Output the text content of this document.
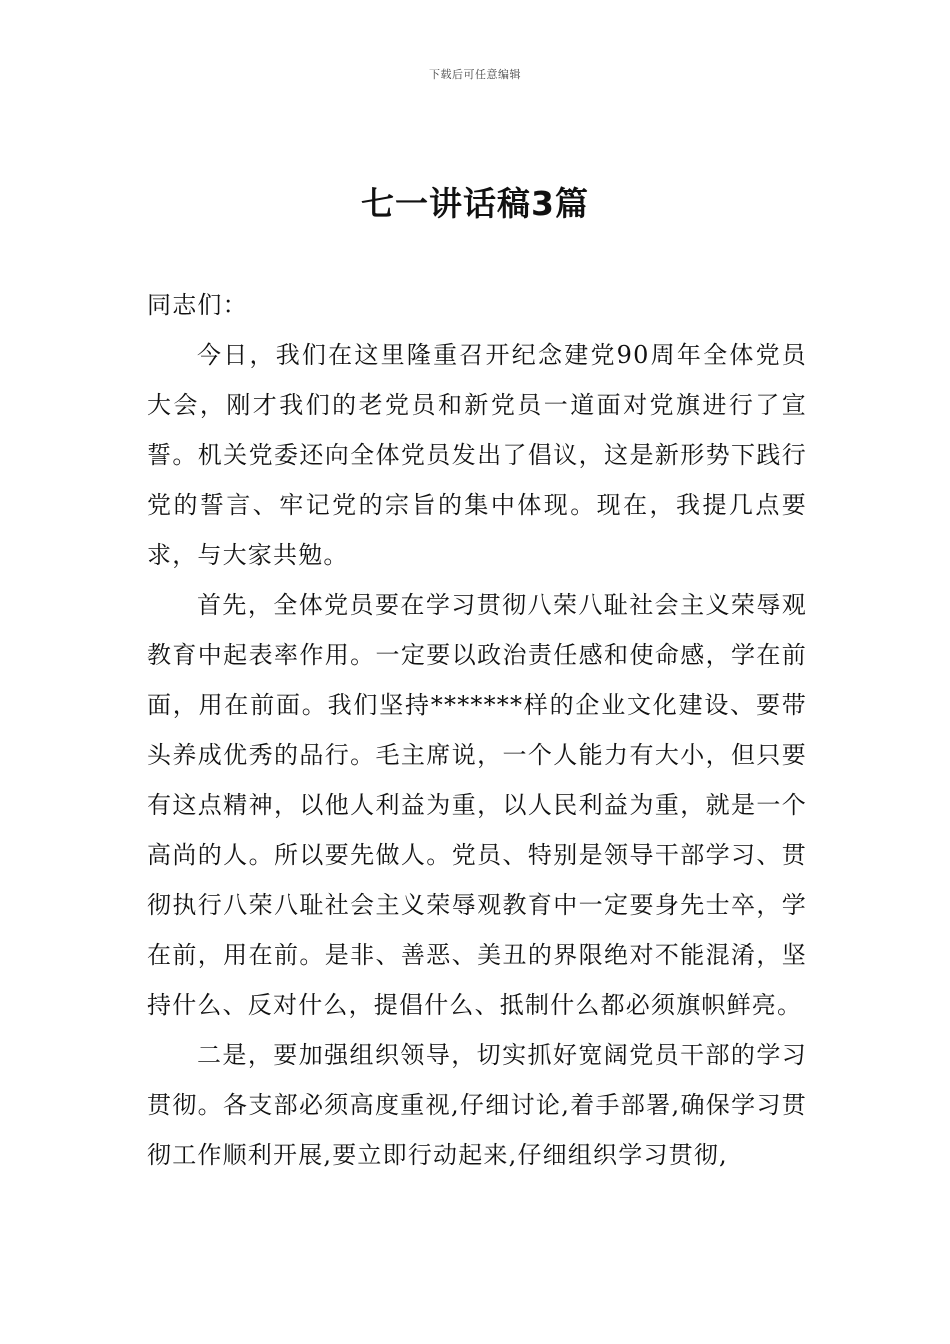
下载后可任意编辑
七一讲话稿3篇

同志们：

今日，我们在这里隆重召开纪念建党90周年全体党员大会，刚才我们的老党员和新党员一道面对党旗进行了宣誓。机关党委还向全体党员发出了倡议，这是新形势下践行党的誓言、牢记党的宗旨的集中体现。现在，我提几点要求，与大家共勉。

首先，全体党员要在学习贯彻八荣八耻社会主义荣辱观教育中起表率作用。一定要以政治责任感和使命感，学在前面，用在前面。我们坚持*******样的企业文化建设、要带头养成优秀的品行。毛主席说，一个人能力有大小，但只要有这点精神，以他人利益为重，以人民利益为重，就是一个高尚的人。所以要先做人。党员、特别是领导干部学习、贯彻执行八荣八耻社会主义荣辱观教育中一定要身先士卒，学在前，用在前。是非、善恶、美丑的界限绝对不能混淆，坚持什么、反对什么，提倡什么、抵制什么都必须旗帜鲜亮。

二是，要加强组织领导，切实抓好宽阔党员干部的学习贯彻。各支部必须高度重视,仔细讨论,着手部署,确保学习贯彻工作顺利开展,要立即行动起来,仔细组织学习贯彻,
